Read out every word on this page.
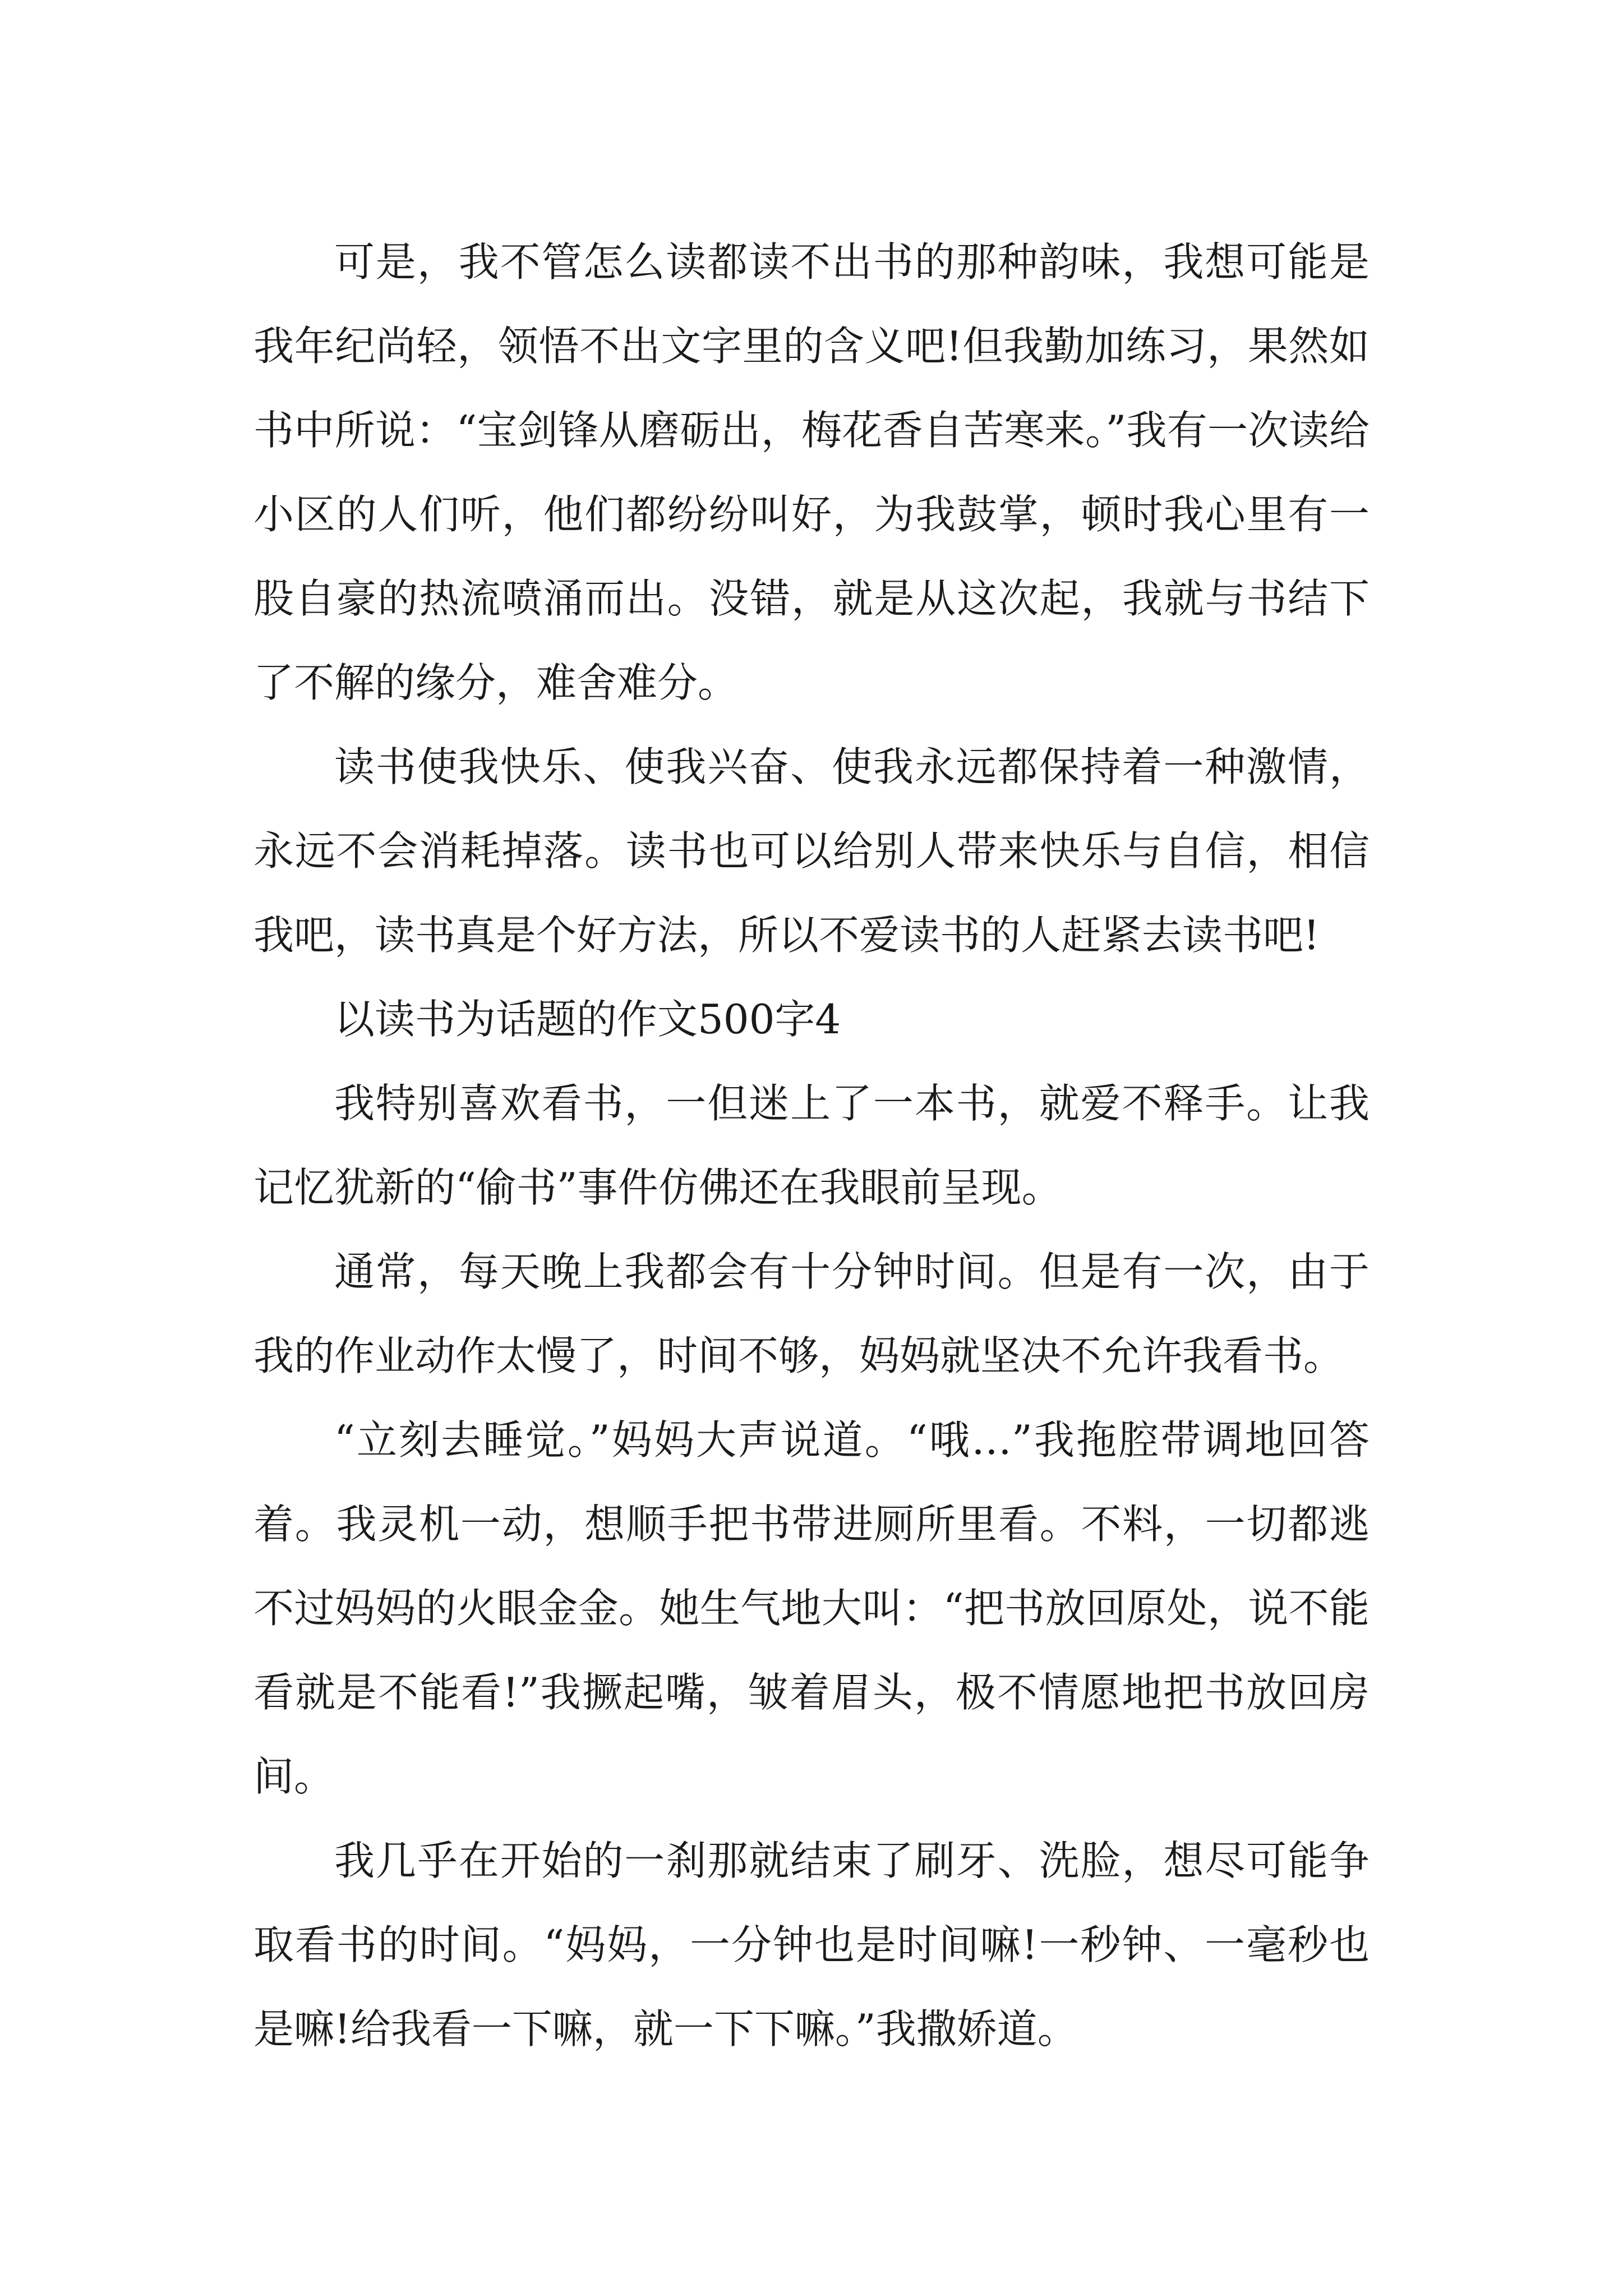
可是，我不管怎么读都读不出书的那种韵味，我想可能是我年纪尚轻，领悟不出文字里的含义吧!但我勤加练习，果然如书中所说：“宝剑锋从磨砺出，梅花香自苦寒来。”我有一次读给小区的人们听，他们都纷纷叫好，为我鼓掌，顿时我心里有一股自豪的热流喷涌而出。没错，就是从这次起，我就与书结下了不解的缘分，难舍难分。

读书使我快乐、使我兴奋、使我永远都保持着一种激情，永远不会消耗掉落。读书也可以给别人带来快乐与自信，相信我吧，读书真是个好方法，所以不爱读书的人赶紧去读书吧!

以读书为话题的作文500字4

我特别喜欢看书，一但迷上了一本书，就爱不释手。让我记忆犹新的“偷书”事件仿佛还在我眼前呈现。

通常，每天晚上我都会有十分钟时间。但是有一次，由于我的作业动作太慢了，时间不够，妈妈就坚决不允许我看书。

“立刻去睡觉。”妈妈大声说道。“哦…”我拖腔带调地回答着。我灵机一动，想顺手把书带进厕所里看。不料，一切都逃不过妈妈的火眼金金。她生气地大叫：“把书放回原处，说不能看就是不能看!”我撅起嘴，皱着眉头，极不情愿地把书放回房间。

我几乎在开始的一刹那就结束了刷牙、洗脸，想尽可能争取看书的时间。“妈妈，一分钟也是时间嘛!一秒钟、一毫秒也是嘛!给我看一下嘛，就一下下嘛。”我撒娇道。
